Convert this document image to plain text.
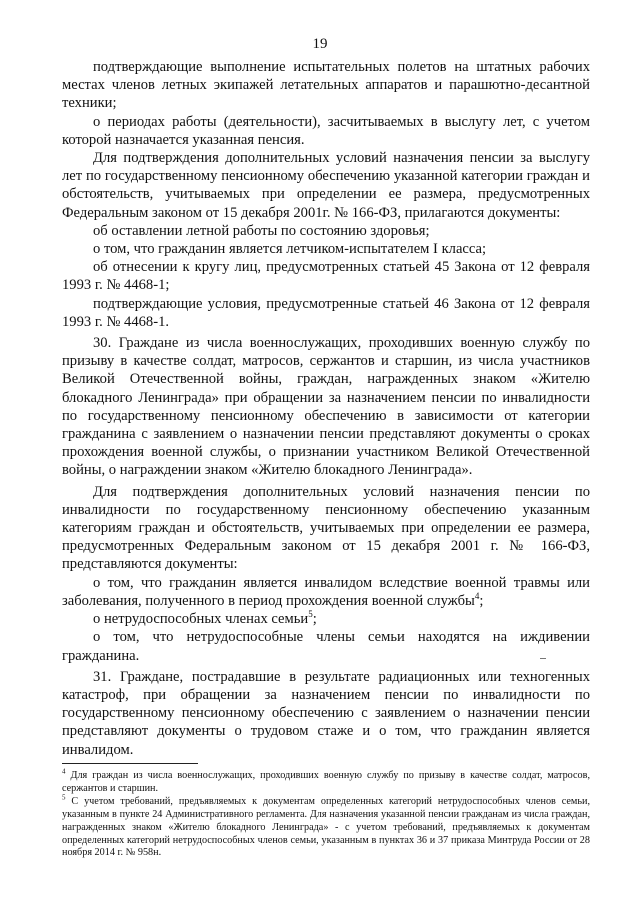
19

подтверждающие выполнение испытательных полетов на штатных рабочих местах членов летных экипажей летательных аппаратов и парашютно-десантной техники;

о периодах работы (деятельности), засчитываемых в выслугу лет, с учетом которой назначается указанная пенсия.

Для подтверждения дополнительных условий назначения пенсии за выслугу лет по государственному пенсионному обеспечению указанной категории граждан и обстоятельств, учитываемых при определении ее размера, предусмотренных Федеральным законом от 15 декабря 2001г. № 166-ФЗ, прилагаются документы:

об оставлении летной работы по состоянию здоровья;

о том, что гражданин является летчиком-испытателем I класса;

об отнесении к кругу лиц, предусмотренных статьей 45 Закона от 12 февраля 1993 г. № 4468-1;

подтверждающие условия, предусмотренные статьей 46 Закона от 12 февраля 1993 г. № 4468-1.

30. Граждане из числа военнослужащих, проходивших военную службу по призыву в качестве солдат, матросов, сержантов и старшин, из числа участников Великой Отечественной войны, граждан, награжденных знаком «Жителю блокадного Ленинграда» при обращении за назначением пенсии по инвалидности по государственному пенсионному обеспечению в зависимости от категории гражданина с заявлением о назначении пенсии представляют документы о сроках прохождения военной службы, о признании участником Великой Отечественной войны, о награждении знаком «Жителю блокадного Ленинграда».

Для подтверждения дополнительных условий назначения пенсии по инвалидности по государственному пенсионному обеспечению указанным категориям граждан и обстоятельств, учитываемых при определении ее размера, предусмотренных Федеральным законом от 15 декабря 2001 г. № 166-ФЗ, представляются документы:

о том, что гражданин является инвалидом вследствие военной травмы или заболевания, полученного в период прохождения военной службы$^4$;

о нетрудоспособных членах семьи$^5$;

о том, что нетрудоспособные члены семьи находятся на иждивении гражданина.

31. Граждане, пострадавшие в результате радиационных или техногенных катастроф, при обращении за назначением пенсии по инвалидности по государственному пенсионному обеспечению с заявлением о назначении пенсии представляют документы о трудовом стаже и о том, что гражданин является инвалидом.

$^4$ Для граждан из числа военнослужащих, проходивших военную службу по призыву в качестве солдат, матросов, сержантов и старшин.

$^5$ С учетом требований, предъявляемых к документам определенных категорий нетрудоспособных членов семьи, указанным в пункте 24 Административного регламента. Для назначения указанной пенсии гражданам из числа граждан, награжденных знаком «Жителю блокадного Ленинграда» - с учетом требований, предъявляемых к документам определенных категорий нетрудоспособных членов семьи, указанным в пунктах 36 и 37 приказа Минтруда России от 28 ноября 2014 г. № 958н.
